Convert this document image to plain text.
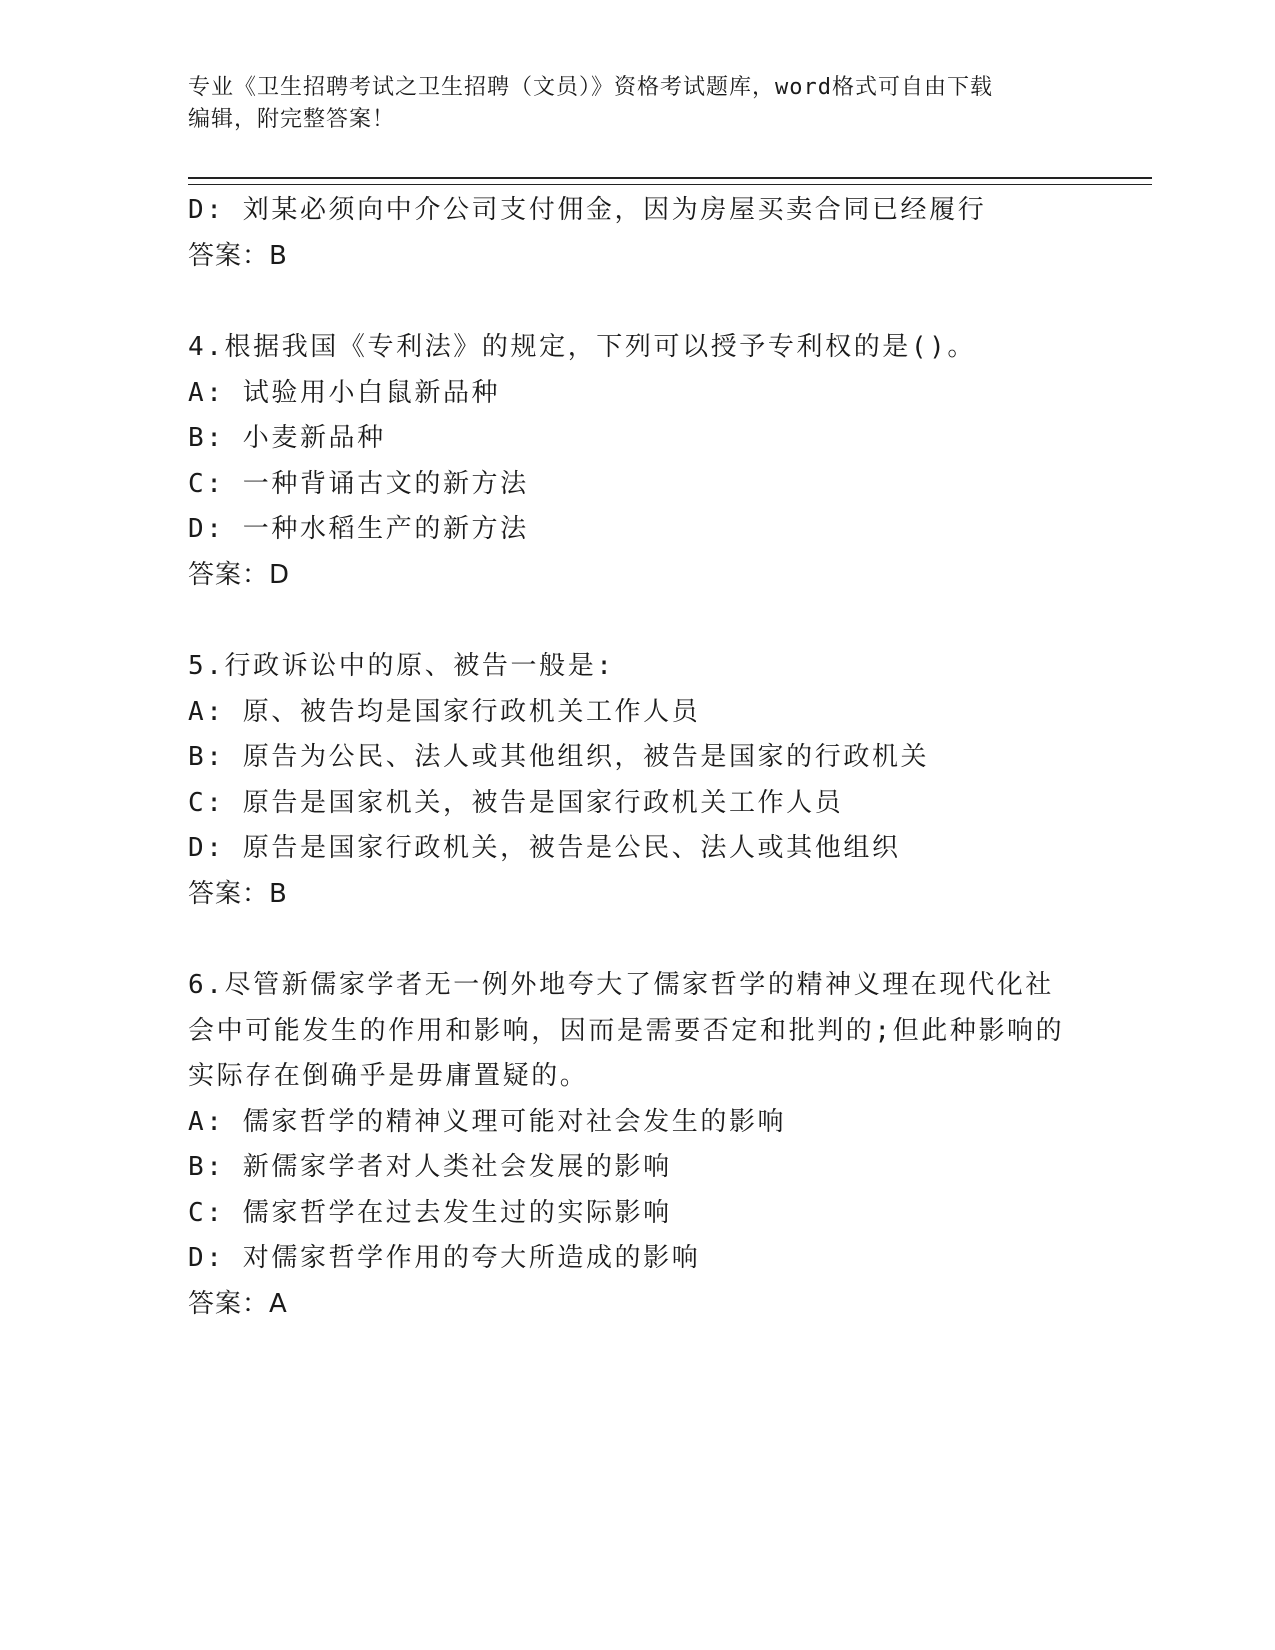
专业《卫生招聘考试之卫生招聘（文员）》资格考试题库，word格式可自由下载
编辑，附完整答案！
D: 刘某必须向中介公司支付佣金，因为房屋买卖合同已经履行
答案：B
4.根据我国《专利法》的规定，下列可以授予专利权的是()。
A: 试验用小白鼠新品种
B: 小麦新品种
C: 一种背诵古文的新方法
D: 一种水稻生产的新方法
答案：D
5.行政诉讼中的原、被告一般是:
A: 原、被告均是国家行政机关工作人员
B: 原告为公民、法人或其他组织，被告是国家的行政机关
C: 原告是国家机关，被告是国家行政机关工作人员
D: 原告是国家行政机关，被告是公民、法人或其他组织
答案：B
6.尽管新儒家学者无一例外地夸大了儒家哲学的精神义理在现代化社
会中可能发生的作用和影响，因而是需要否定和批判的;但此种影响的
实际存在倒确乎是毋庸置疑的。
A: 儒家哲学的精神义理可能对社会发生的影响
B: 新儒家学者对人类社会发展的影响
C: 儒家哲学在过去发生过的实际影响
D: 对儒家哲学作用的夸大所造成的影响
答案：A
